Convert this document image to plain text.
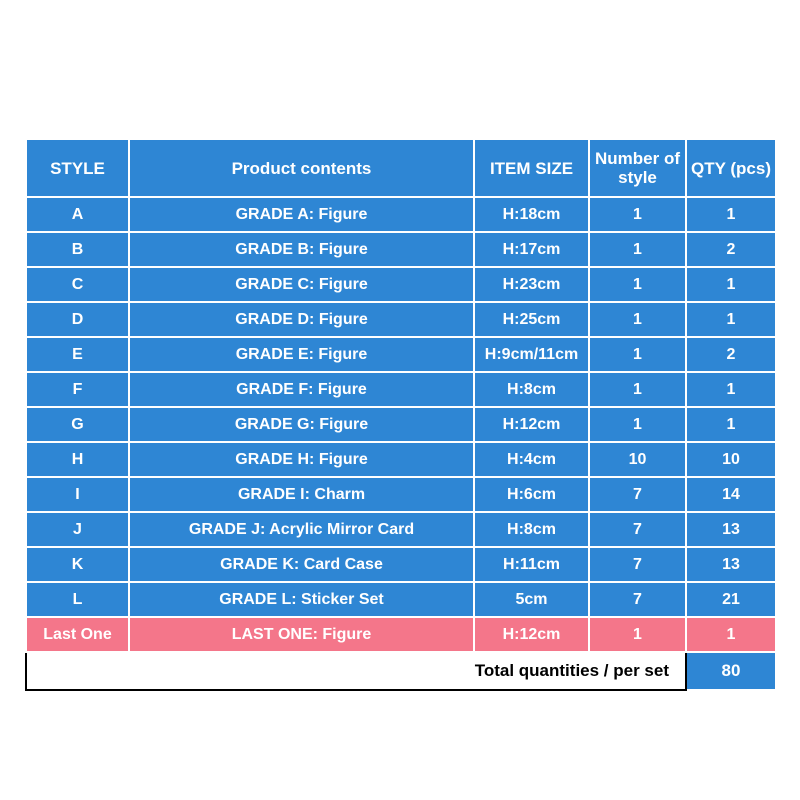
STYLE	Product contents	ITEM SIZE	Number of style	QTY (pcs)
A	GRADE A: Figure	H:18cm	1	1
B	GRADE B: Figure	H:17cm	1	2
C	GRADE C: Figure	H:23cm	1	1
D	GRADE D: Figure	H:25cm	1	1
E	GRADE E: Figure	H:9cm/11cm	1	2
F	GRADE F: Figure	H:8cm	1	1
G	GRADE G: Figure	H:12cm	1	1
H	GRADE H: Figure	H:4cm	10	10
I	GRADE I: Charm	H:6cm	7	14
J	GRADE J: Acrylic Mirror Card	H:8cm	7	13
K	GRADE K: Card Case	H:11cm	7	13
L	GRADE L: Sticker Set	5cm	7	21
Last One	LAST ONE: Figure	H:12cm	1	1
Total quantities / per set				80
